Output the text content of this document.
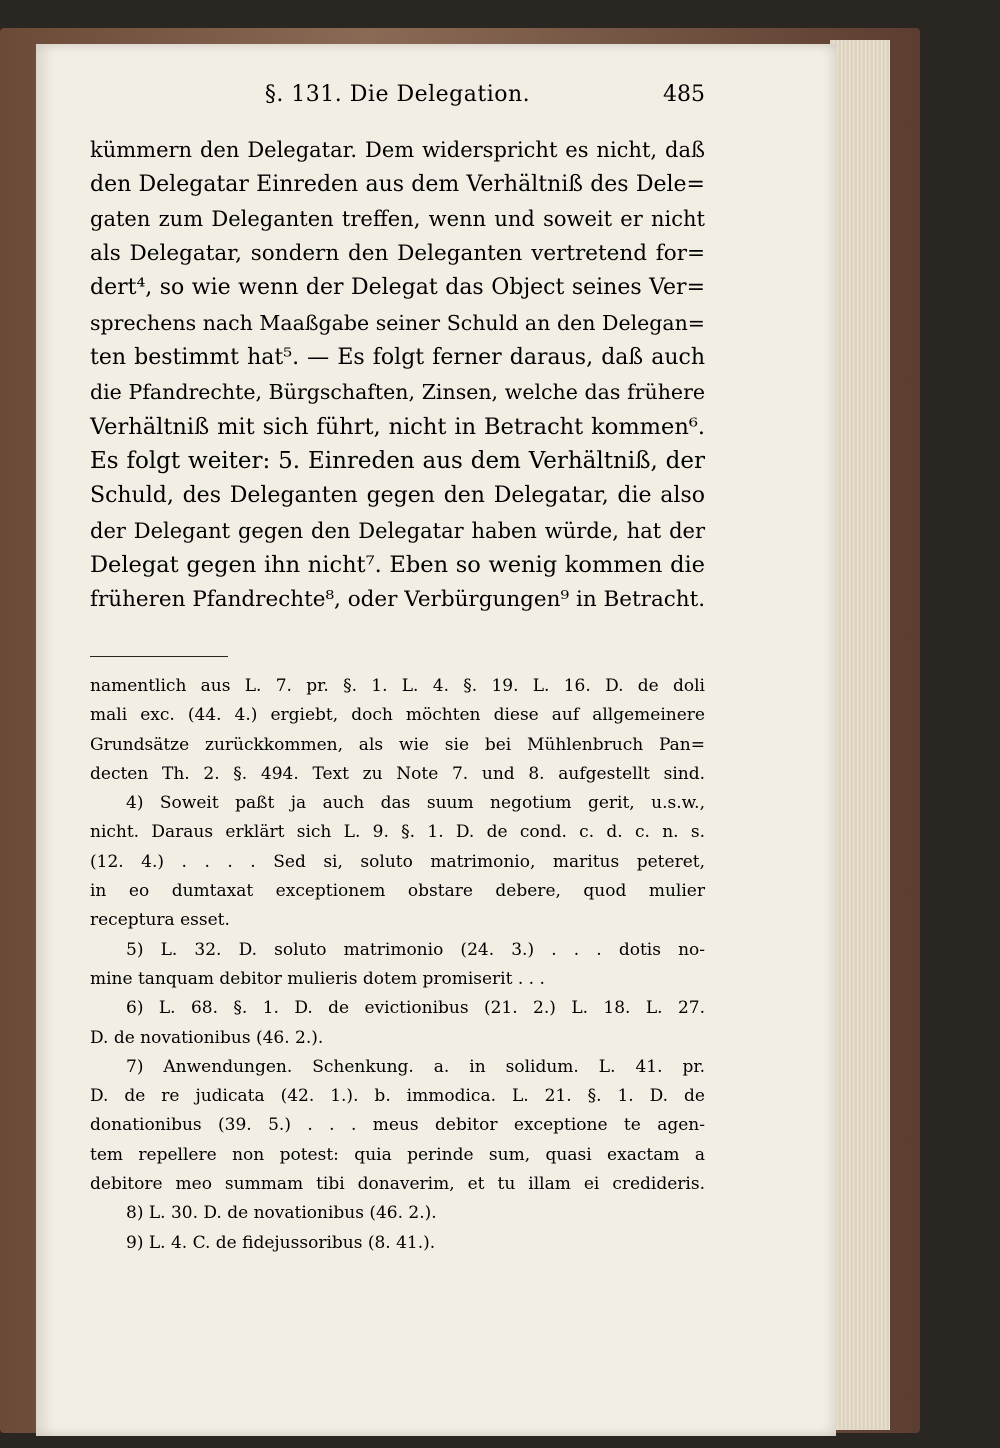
§. 131. Die Delegation.	485
kümmern den Delegatar. Dem widerspricht es nicht, daß
den Delegatar Einreden aus dem Verhältniß des Dele=
gaten zum Deleganten treffen, wenn und soweit er nicht
als Delegatar, sondern den Deleganten vertretend for=
dert⁴, so wie wenn der Delegat das Object seines Ver=
sprechens nach Maaßgabe seiner Schuld an den Delegan=
ten bestimmt hat⁵. — Es folgt ferner daraus, daß auch
die Pfandrechte, Bürgschaften, Zinsen, welche das frühere
Verhältniß mit sich führt, nicht in Betracht kommen⁶.
Es folgt weiter: 5. Einreden aus dem Verhältniß, der
Schuld, des Deleganten gegen den Delegatar, die also
der Delegant gegen den Delegatar haben würde, hat der
Delegat gegen ihn nicht⁷. Eben so wenig kommen die
früheren Pfandrechte⁸, oder Verbürgungen⁹ in Betracht.
namentlich aus L. 7. pr. §. 1. L. 4. §. 19. L. 16. D. de doli
mali exc. (44. 4.) ergiebt, doch möchten diese auf allgemeinere
Grundsätze zurückkommen, als wie sie bei Mühlenbruch Pan=
decten Th. 2. §. 494. Text zu Note 7. und 8. aufgestellt sind.
4) Soweit paßt ja auch das suum negotium gerit, u.s.w.,
nicht. Daraus erklärt sich L. 9. §. 1. D. de cond. c. d. c. n. s.
(12. 4.) . . . . Sed si, soluto matrimonio, maritus peteret,
in eo dumtaxat exceptionem obstare debere, quod mulier
receptura esset.
5) L. 32. D. soluto matrimonio (24. 3.) . . . dotis no-
mine tanquam debitor mulieris dotem promiserit . . .
6) L. 68. §. 1. D. de evictionibus (21. 2.) L. 18. L. 27.
D. de novationibus (46. 2.).
7) Anwendungen. Schenkung. a. in solidum. L. 41. pr.
D. de re judicata (42. 1.). b. immodica. L. 21. §. 1. D. de
donationibus (39. 5.) . . . meus debitor exceptione te agen-
tem repellere non potest: quia perinde sum, quasi exactam a
debitore meo summam tibi donaverim, et tu illam ei credideris.
8) L. 30. D. de novationibus (46. 2.).
9) L. 4. C. de fidejussoribus (8. 41.).
